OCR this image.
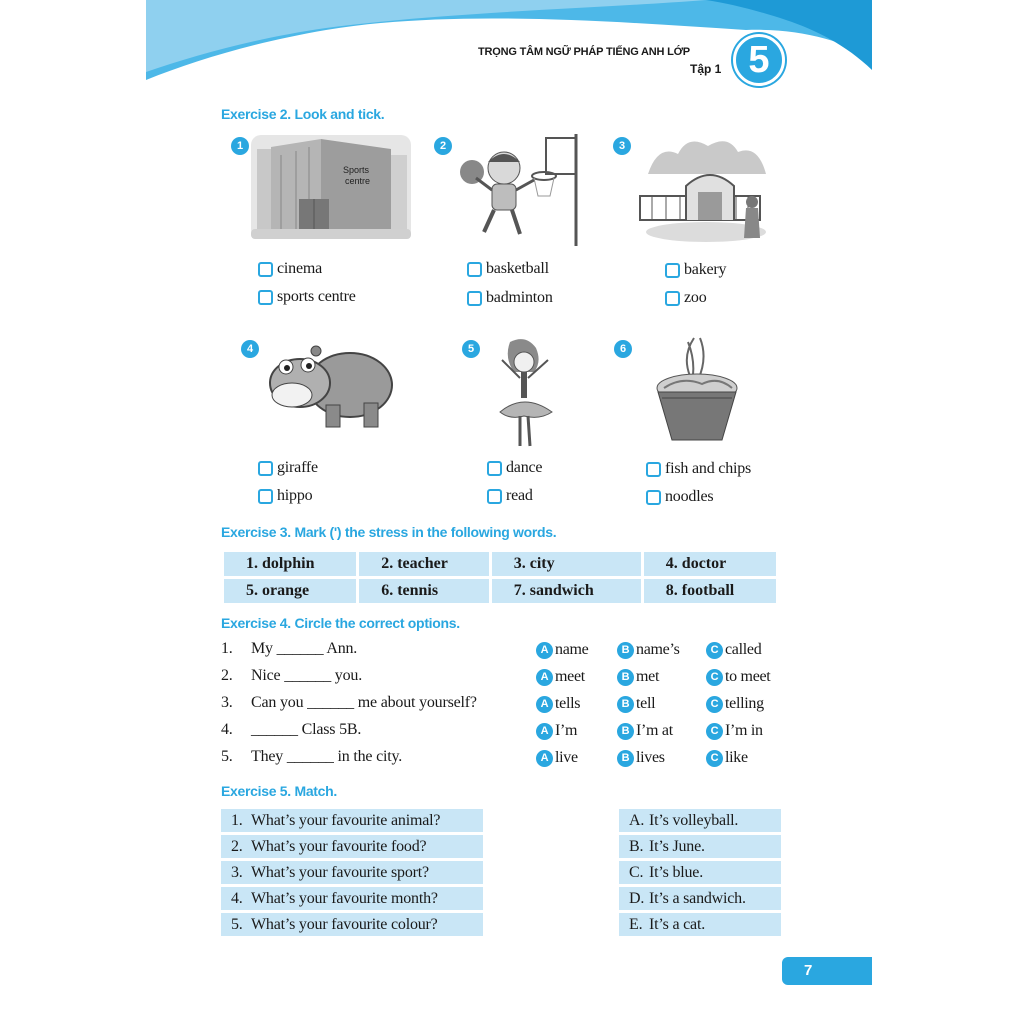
TRỌNG TÂM NGỮ PHÁP TIẾNG ANH LỚP
Tập 1 5
Exercise 2. Look and tick.
1
Sports
centre
cinema
sports centre
2
basketball
badminton
3
bakery
zoo
4
giraffe
hippo
5
dance
read
6
fish and chips
noodles
Exercise 3. Mark (') the stress in the following words.
1. dolphin	2. teacher	3. city	4. doctor
5. orange	6. tennis	7. sandwich	8. football
Exercise 4. Circle the correct options.
1. My ______ Ann.	A name	B name’s	C called
2. Nice ______ you.	A meet	B met	C to meet
3. Can you ______ me about yourself?	A tells	B tell	C telling
4. ______ Class 5B.	A I’m	B I’m at	C I’m in
5. They ______ in the city.	A live	B lives	C like
Exercise 5. Match.
1.	What’s your favourite animal?
2.	What’s your favourite food?
3.	What’s your favourite sport?
4.	What’s your favourite month?
5.	What’s your favourite colour?
A.	It’s volleyball.
B.	It’s June.
C.	It’s blue.
D.	It’s a sandwich.
E.	It’s a cat.
7
